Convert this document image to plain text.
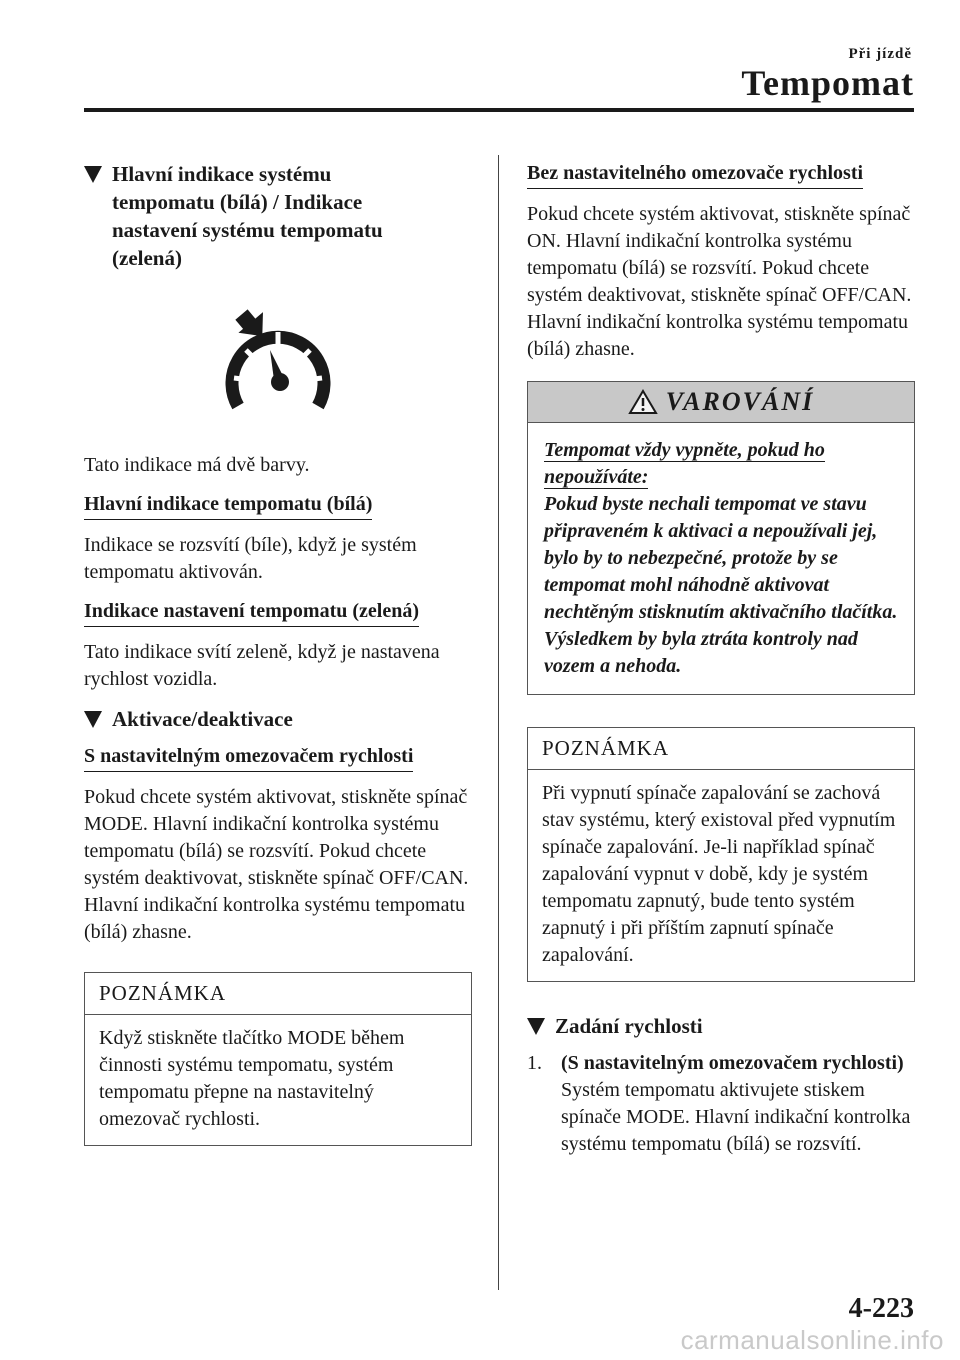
Při jízdě
Tempomat
Hlavní indikace systému tempomatu (bílá) / Indikace nastavení systému tempomatu (zelená)

Tato indikace má dvě barvy.

Hlavní indikace tempomatu (bílá)

Indikace se rozsvítí (bíle), když je systém tempomatu aktivován.

Indikace nastavení tempomatu (zelená)

Tato indikace svítí zeleně, když je nastavena rychlost vozidla.

Aktivace/deaktivace
S nastavitelným omezovačem rychlosti

Pokud chcete systém aktivovat, stiskněte spínač MODE. Hlavní indikační kontrolka systému tempomatu (bílá) se rozsvítí. Pokud chcete systém deaktivovat, stiskněte spínač OFF/CAN. Hlavní indikační kontrolka systému tempomatu (bílá) zhasne.

POZNÁMKA
Když stiskněte tlačítko MODE během činnosti systému tempomatu, systém tempomatu přepne na nastavitelný omezovač rychlosti.
Bez nastavitelného omezovače rychlosti

Pokud chcete systém aktivovat, stiskněte spínač ON. Hlavní indikační kontrolka systému tempomatu (bílá) se rozsvítí. Pokud chcete systém deaktivovat, stiskněte spínač OFF/CAN. Hlavní indikační kontrolka systému tempomatu (bílá) zhasne.

VAROVÁNÍ
Tempomat vždy vypněte, pokud ho nepoužíváte:
Pokud byste nechali tempomat ve stavu připraveném k aktivaci a nepoužívali jej, bylo by to nebezpečné, protože by se tempomat mohl náhodně aktivovat nechtěným stisknutím aktivačního tlačítka. Výsledkem by byla ztráta kontroly nad vozem a nehoda.
POZNÁMKA
Při vypnutí spínače zapalování se zachová stav systému, který existoval před vypnutím spínače zapalování. Je-li například spínač zapalování vypnut v době, kdy je systém tempomatu zapnutý, bude tento systém zapnutý i při příštím zapnutí spínače zapalování.
Zadání rychlosti
1. (S nastavitelným omezovačem rychlosti)
Systém tempomatu aktivujete stiskem spínače MODE. Hlavní indikační kontrolka systému tempomatu (bílá) se rozsvítí.
4-223
carmanualsonline.info
